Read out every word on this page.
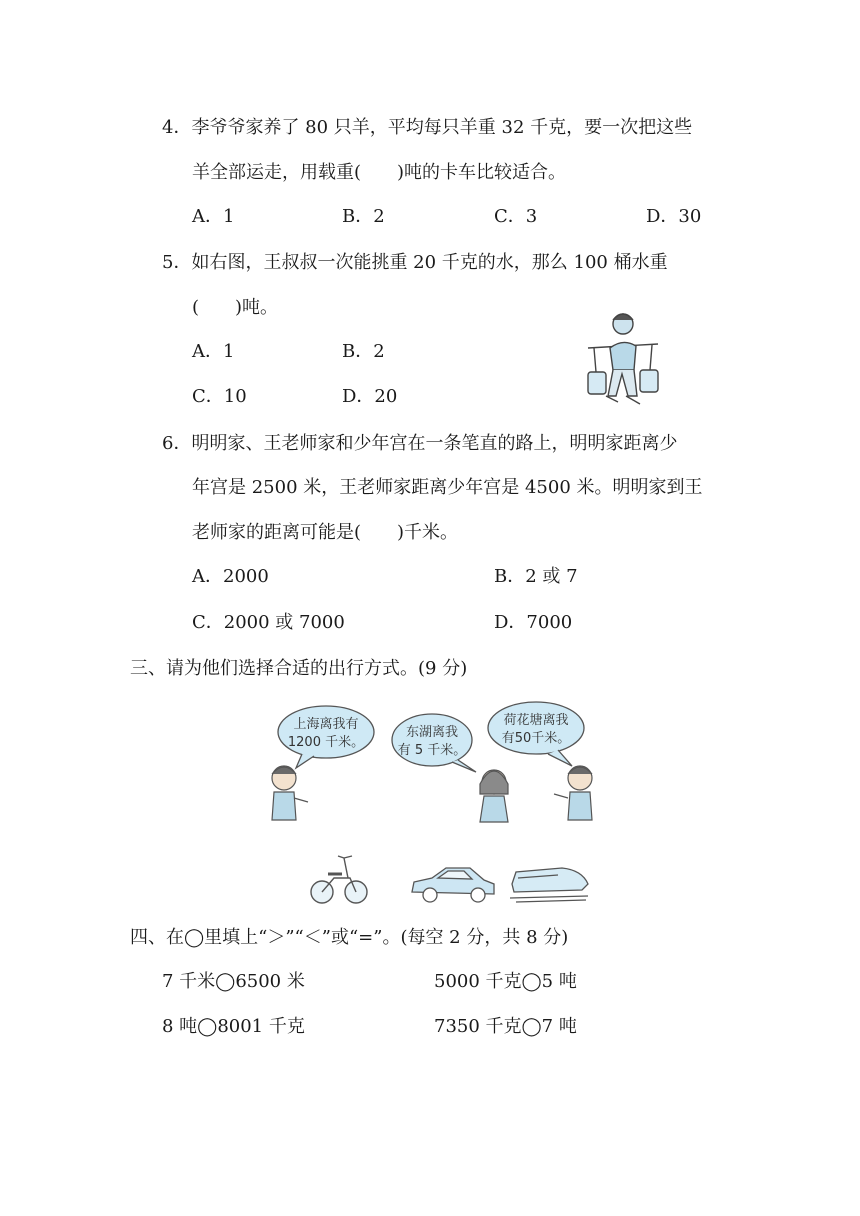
4．李爷爷家养了 80 只羊，平均每只羊重 32 千克，要一次把这些
羊全部运走，用载重(　　)吨的卡车比较适合。
A．1	B．2	C．3	D．30
5．如右图，王叔叔一次能挑重 20 千克的水，那么 100 桶水重
(　　)吨。
A．1	B．2
C．10	D．20
6．明明家、王老师家和少年宫在一条笔直的路上，明明家距离少
年宫是 2500 米，王老师家距离少年宫是 4500 米。明明家到王
老师家的距离可能是(　　)千米。
A．2000	B．2 或 7
C．2000 或 7000	D．7000
三、请为他们选择合适的出行方式。(9 分)
上海离我有
1200 千米。
东湖离我
有 5 千米。
荷花塘离我
有50千米。
四、在◯里填上“＞”“＜”或“=”。(每空 2 分，共 8 分)
7 千米◯6500 米	5000 千克◯5 吨
8 吨◯8001 千克	7350 千克◯7 吨
